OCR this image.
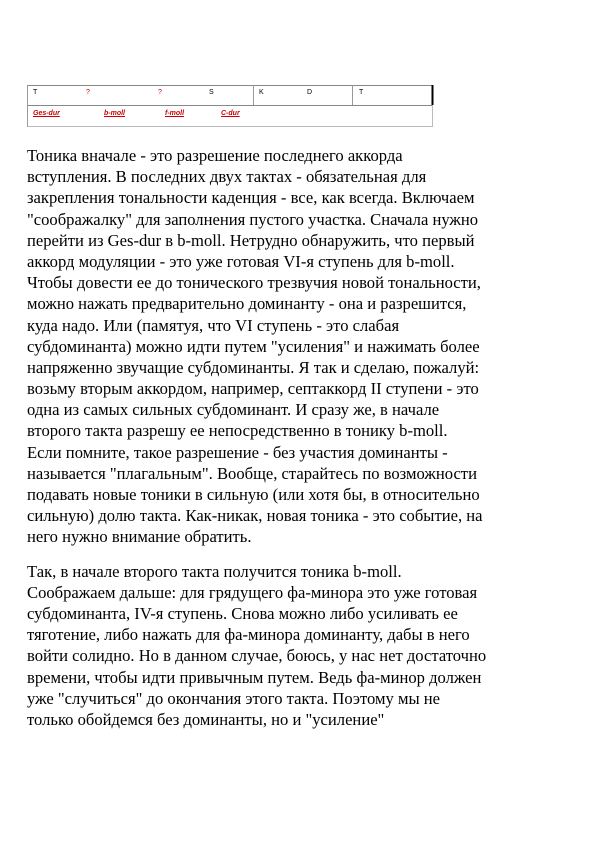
T	?	?	S	K	D	T
Ges-dur	b-moll	f-moll	C-dur
Тоника вначале - это разрешение последнего аккорда
вступления. В последних двух тактах - обязательная для
закрепления тональности каденция - все, как всегда. Включаем
"соображалку" для заполнения пустого участка. Сначала нужно
перейти из Ges-dur в b-moll. Нетрудно обнаружить, что первый
аккорд модуляции - это уже готовая VI-я ступень для b-moll.
Чтобы довести ее до тонического трезвучия новой тональности,
можно нажать предварительно доминанту - она и разрешится,
куда надо. Или (памятуя, что VI ступень - это слабая
субдоминанта) можно идти путем "усиления" и нажимать более
напряженно звучащие субдоминанты. Я так и сделаю, пожалуй:
возьму вторым аккордом, например, септаккорд II ступени - это
одна из самых сильных субдоминант. И сразу же, в начале
второго такта разрешу ее непосредственно в тонику b-moll.
Если помните, такое разрешение - без участия доминанты -
называется "плагальным". Вообще, старайтесь по возможности
подавать новые тоники в сильную (или хотя бы, в относительно
сильную) долю такта. Как-никак, новая тоника - это событие, на
него нужно внимание обратить.
Так, в начале второго такта получится тоника b-moll.
Соображаем дальше: для грядущего фа-минора это уже готовая
субдоминанта, IV-я ступень. Снова можно либо усиливать ее
тяготение, либо нажать для фа-минора доминанту, дабы в него
войти солидно. Но в данном случае, боюсь, у нас нет достаточно
времени, чтобы идти привычным путем. Ведь фа-минор должен
уже "случиться" до окончания этого такта. Поэтому мы не
только обойдемся без доминанты, но и "усиление"
